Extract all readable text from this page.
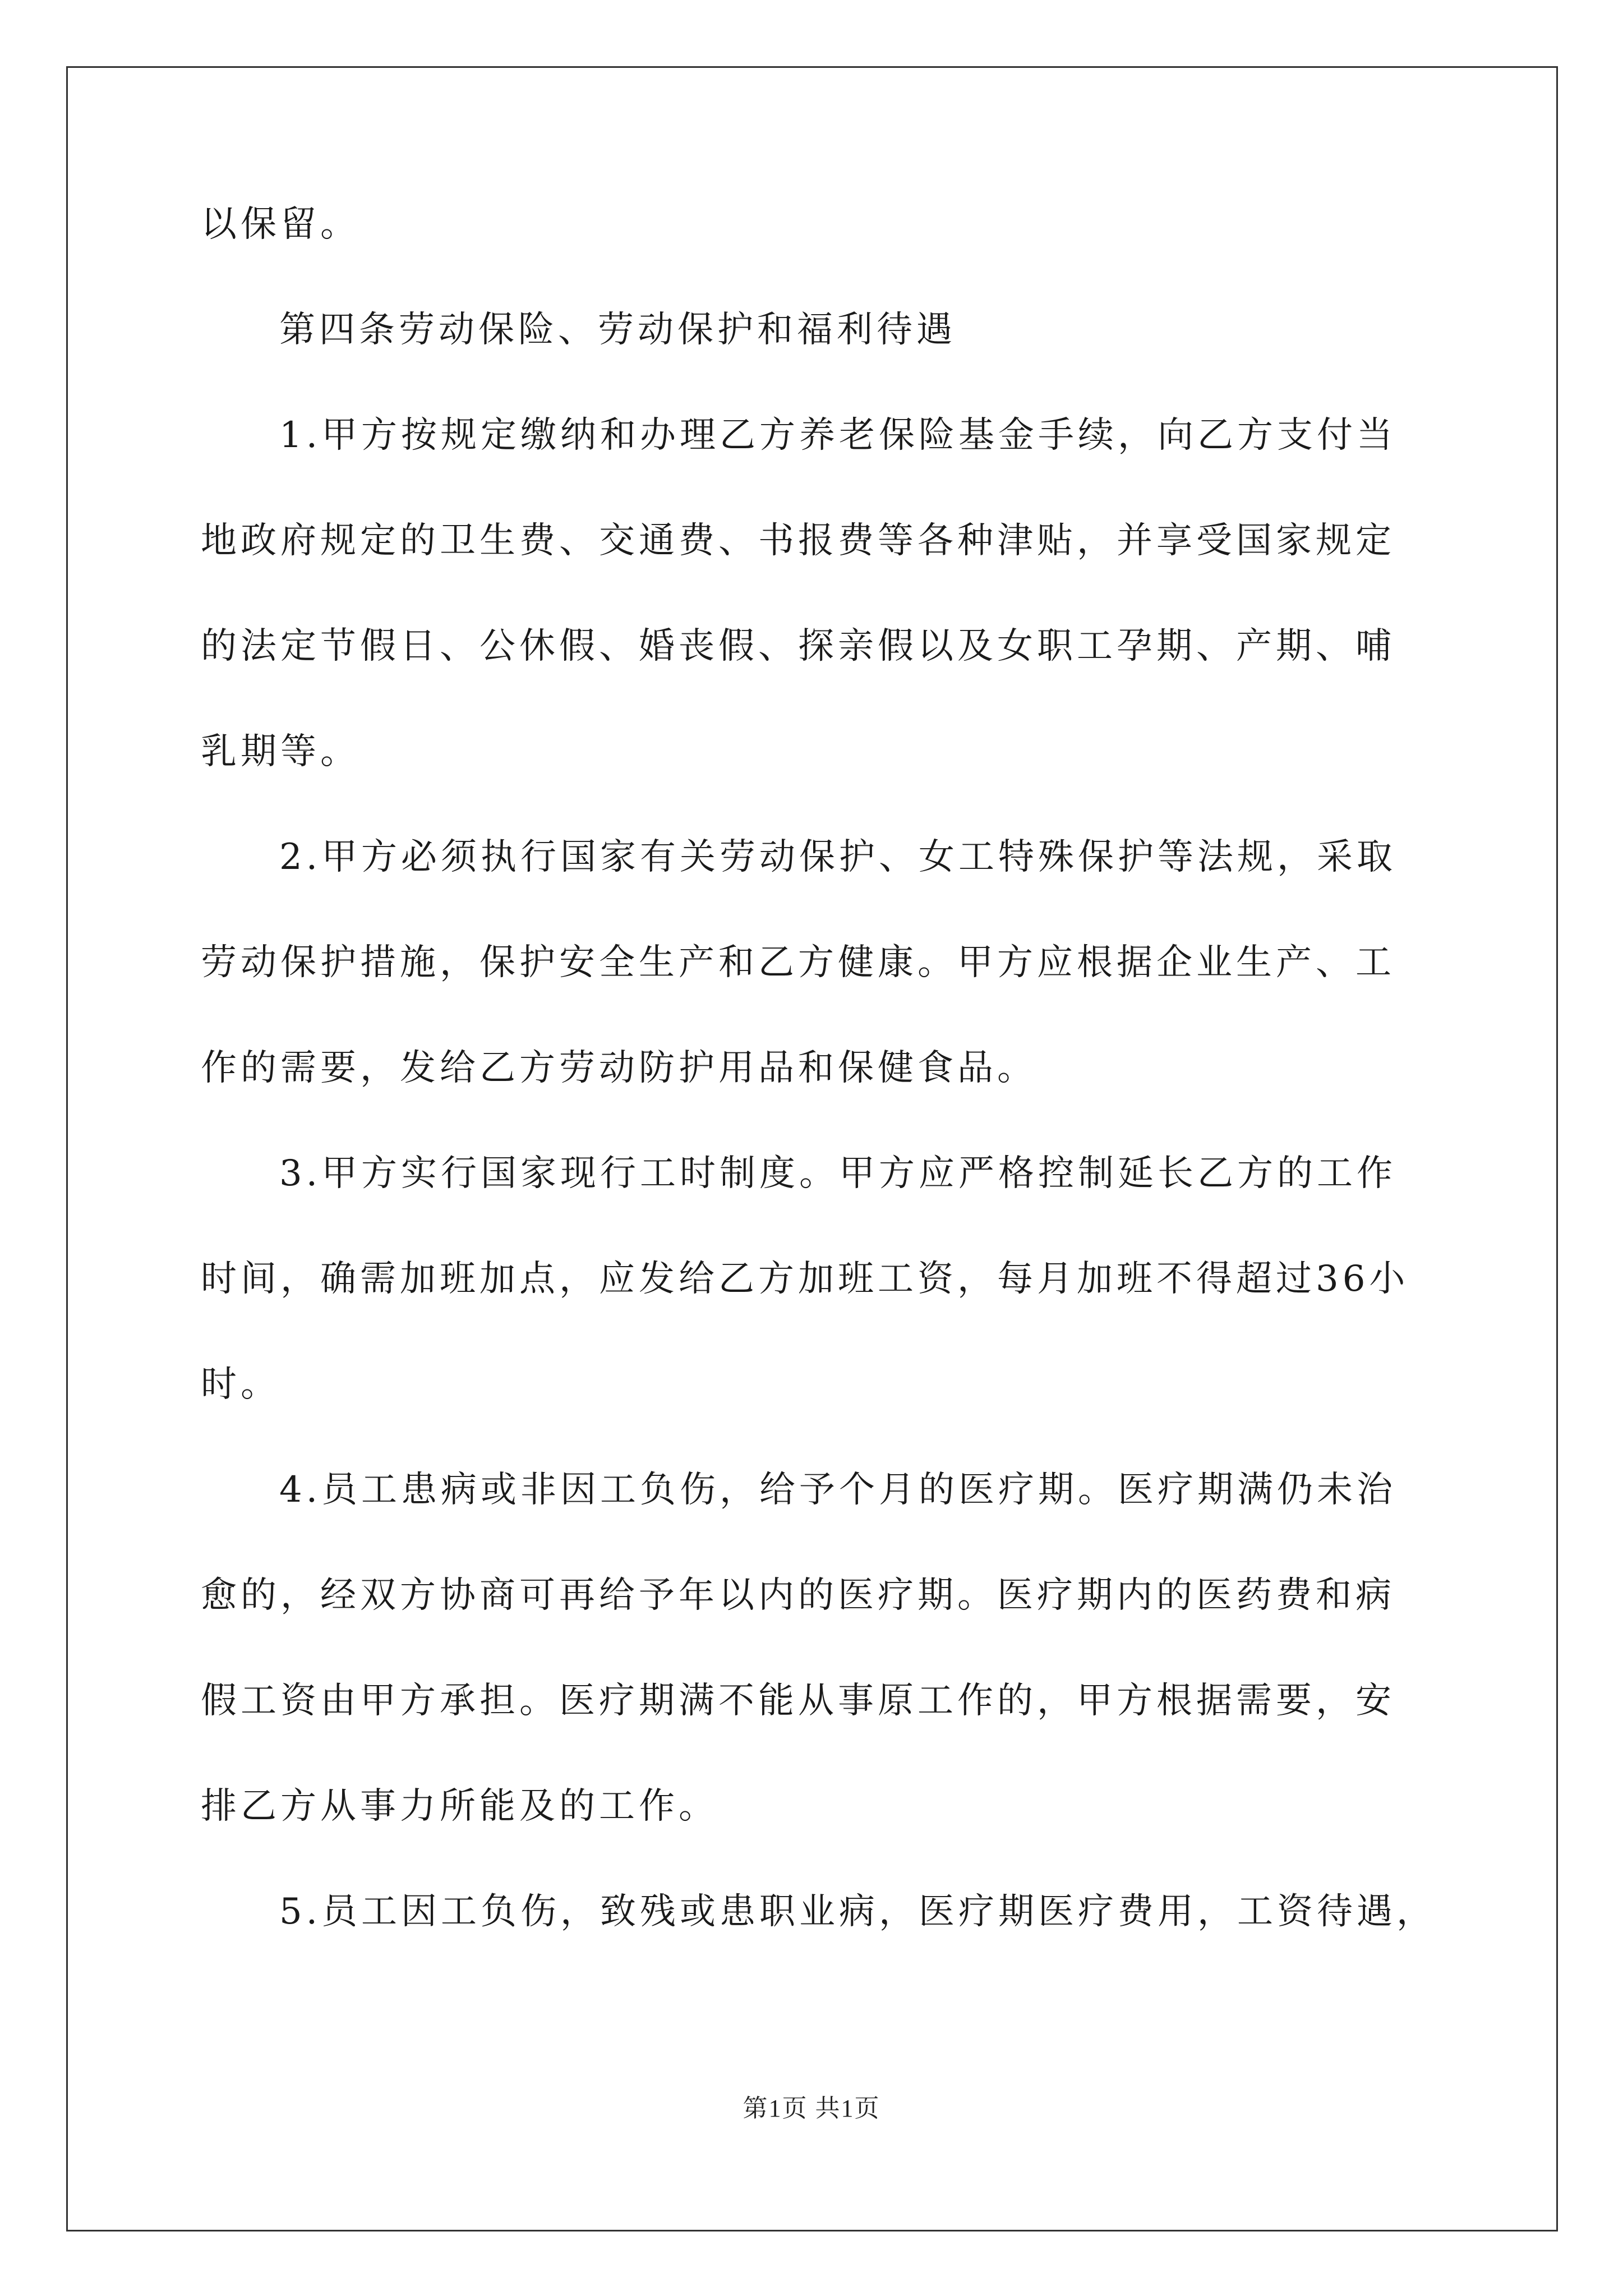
以保留。
第四条劳动保险、劳动保护和福利待遇
1.甲方按规定缴纳和办理乙方养老保险基金手续，向乙方支付当
地政府规定的卫生费、交通费、书报费等各种津贴，并享受国家规定
的法定节假日、公休假、婚丧假、探亲假以及女职工孕期、产期、哺
乳期等。
2.甲方必须执行国家有关劳动保护、女工特殊保护等法规，采取
劳动保护措施，保护安全生产和乙方健康。甲方应根据企业生产、工
作的需要，发给乙方劳动防护用品和保健食品。
3.甲方实行国家现行工时制度。甲方应严格控制延长乙方的工作
时间，确需加班加点，应发给乙方加班工资，每月加班不得超过36小
时。
4.员工患病或非因工负伤，给予个月的医疗期。医疗期满仍未治
愈的，经双方协商可再给予年以内的医疗期。医疗期内的医药费和病
假工资由甲方承担。医疗期满不能从事原工作的，甲方根据需要，安
排乙方从事力所能及的工作。
5.员工因工负伤，致残或患职业病，医疗期医疗费用，工资待遇，
第1页 共1页
